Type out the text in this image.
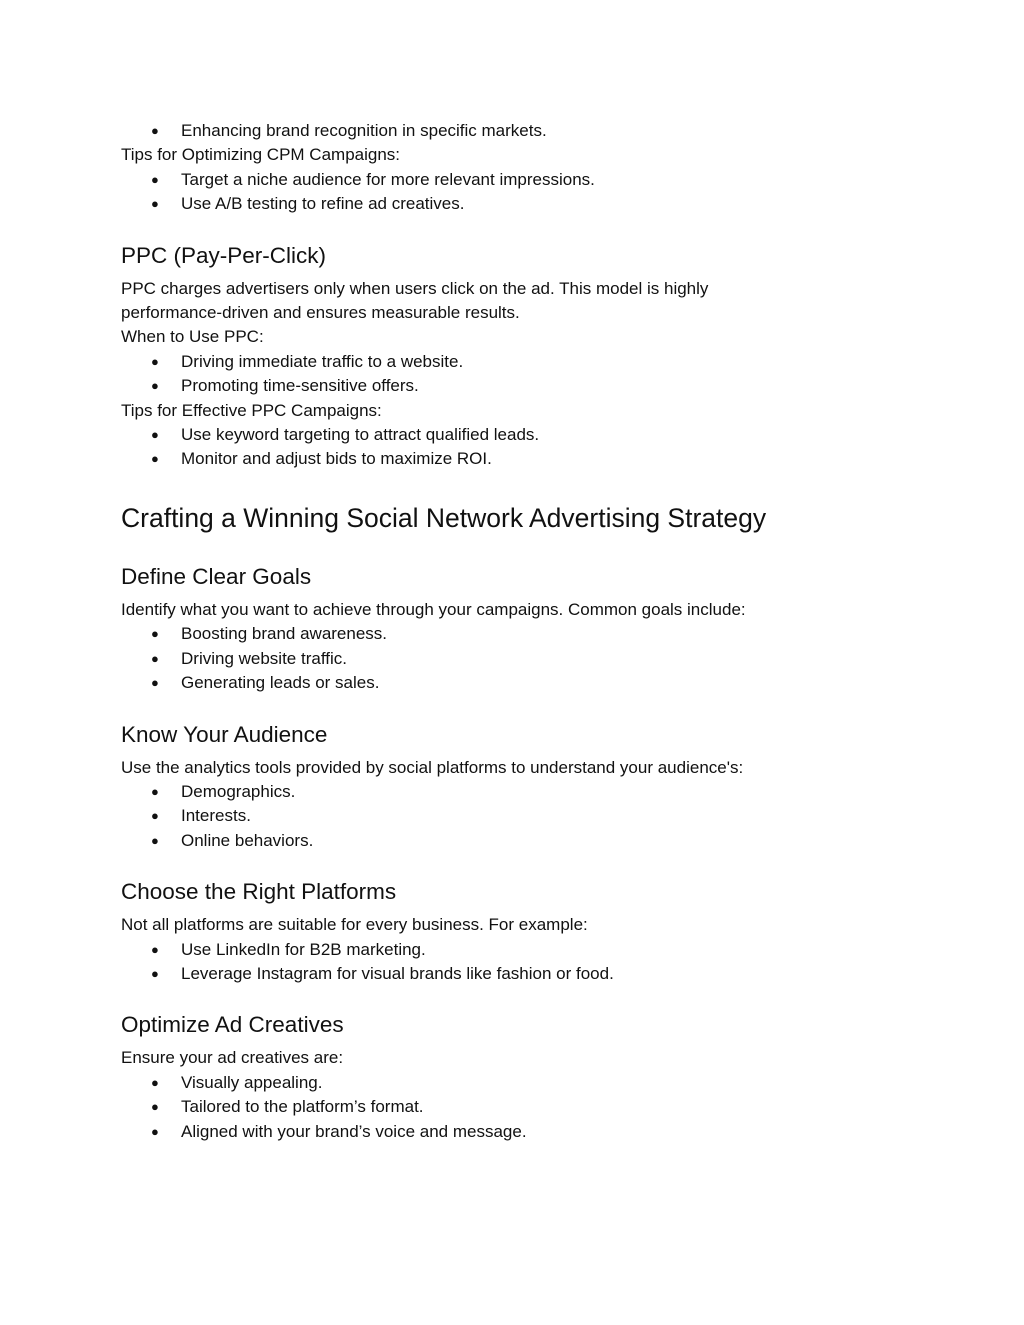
● Enhancing brand recognition in specific markets.

Tips for Optimizing CPM Campaigns:

● Target a niche audience for more relevant impressions.
● Use A/B testing to refine ad creatives.
PPC (Pay-Per-Click)

PPC charges advertisers only when users click on the ad. This model is highly

performance-driven and ensures measurable results.

When to Use PPC:

● Driving immediate traffic to a website.
● Promoting time-sensitive offers.

Tips for Effective PPC Campaigns:

● Use keyword targeting to attract qualified leads.
● Monitor and adjust bids to maximize ROI.
Crafting a Winning Social Network Advertising Strategy
Define Clear Goals

Identify what you want to achieve through your campaigns. Common goals include:

● Boosting brand awareness.
● Driving website traffic.
● Generating leads or sales.
Know Your Audience

Use the analytics tools provided by social platforms to understand your audience's:

● Demographics.
● Interests.
● Online behaviors.
Choose the Right Platforms

Not all platforms are suitable for every business. For example:

● Use LinkedIn for B2B marketing.
● Leverage Instagram for visual brands like fashion or food.
Optimize Ad Creatives

Ensure your ad creatives are:

● Visually appealing.
● Tailored to the platform’s format.
● Aligned with your brand’s voice and message.
